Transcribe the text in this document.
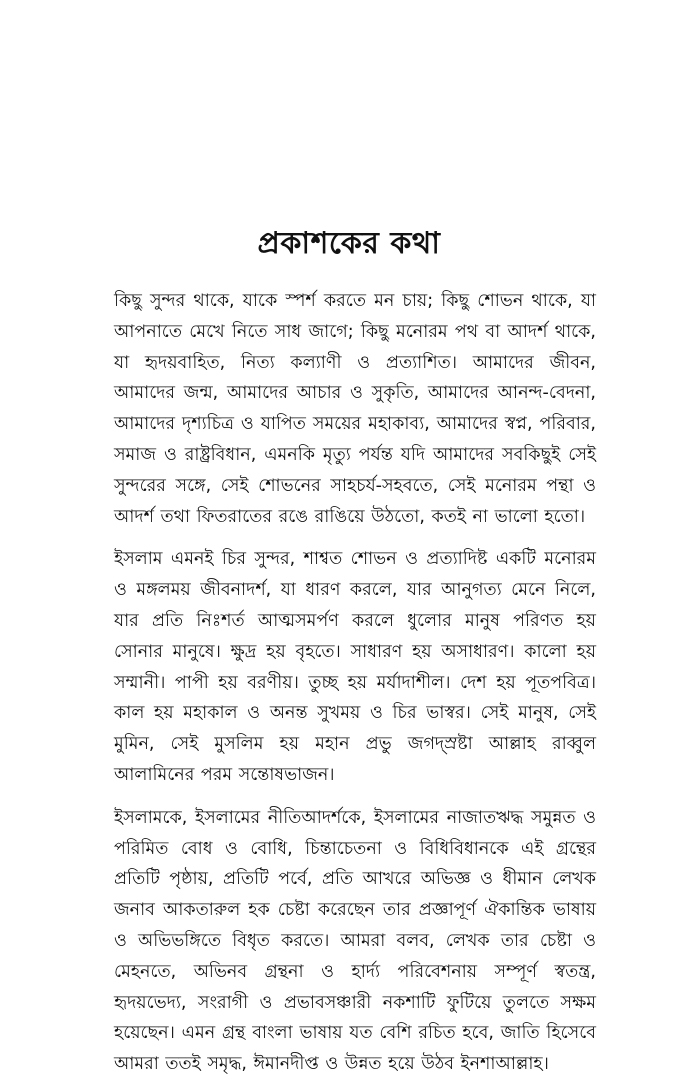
প্রকাশকের কথা

কিছু সুন্দর থাকে, যাকে স্পর্শ করতে মন চায়; কিছু শোভন থাকে, যা আপনাতে মেখে নিতে সাধ জাগে; কিছু মনোরম পথ বা আদর্শ থাকে, যা হৃদয়বাহিত, নিত্য কল্যাণী ও প্রত্যাশিত। আমাদের জীবন, আমাদের জন্ম, আমাদের আচার ও সুকৃতি, আমাদের আনন্দ-বেদনা, আমাদের দৃশ্যচিত্র ও যাপিত সময়ের মহাকাব্য, আমাদের স্বপ্ন, পরিবার, সমাজ ও রাষ্ট্রবিধান, এমনকি মৃত্যু পর্যন্ত যদি আমাদের সবকিছুই সেই সুন্দরের সঙ্গে, সেই শোভনের সাহচর্য-সহবতে, সেই মনোরম পন্থা ও আদর্শ তথা ফিতরাতের রঙে রাঙিয়ে উঠতো, কতই না ভালো হতো।

ইসলাম এমনই চির সুন্দর, শাশ্বত শোভন ও প্রত্যাদিষ্ট একটি মনোরম ও মঙ্গলময় জীবনাদর্শ, যা ধারণ করলে, যার আনুগত্য মেনে নিলে, যার প্রতি নিঃশর্ত আত্মসমর্পণ করলে ধুলোর মানুষ পরিণত হয় সোনার মানুষে। ক্ষুদ্র হয় বৃহতে। সাধারণ হয় অসাধারণ। কালো হয় সম্মানী। পাপী হয় বরণীয়। তুচ্ছ হয় মর্যাদাশীল। দেশ হয় পূতপবিত্র। কাল হয় মহাকাল ও অনন্ত সুখময় ও চির ভাস্বর। সেই মানুষ, সেই মুমিন, সেই মুসলিম হয় মহান প্রভু জগদ্স্রষ্টা আল্লাহ রাব্বুল আলামিনের পরম সন্তোষভাজন।

ইসলামকে, ইসলামের নীতিআদর্শকে, ইসলামের নাজাতঋদ্ধ সমুন্নত ও পরিমিত বোধ ও বোধি, চিন্তাচেতনা ও বিধিবিধানকে এই গ্রন্থের প্রতিটি পৃষ্ঠায়, প্রতিটি পর্বে, প্রতি আখরে অভিজ্ঞ ও ধীমান লেখক জনাব আকতারুল হক চেষ্টা করেছেন তার প্রজ্ঞাপূর্ণ ঐকান্তিক ভাষায় ও অভিভঙ্গিতে বিধৃত করতে। আমরা বলব, লেখক তার চেষ্টা ও মেহনতে, অভিনব গ্রন্থনা ও হার্দ্য পরিবেশনায় সম্পূর্ণ স্বতন্ত্র, হৃদয়ভেদ্য, সংরাগী ও প্রভাবসঞ্চারী নকশাটি ফুটিয়ে তুলতে সক্ষম হয়েছেন। এমন গ্রন্থ বাংলা ভাষায় যত বেশি রচিত হবে, জাতি হিসেবে আমরা ততই সমৃদ্ধ, ঈমানদীপ্ত ও উন্নত হয়ে উঠব ইনশাআল্লাহ।
